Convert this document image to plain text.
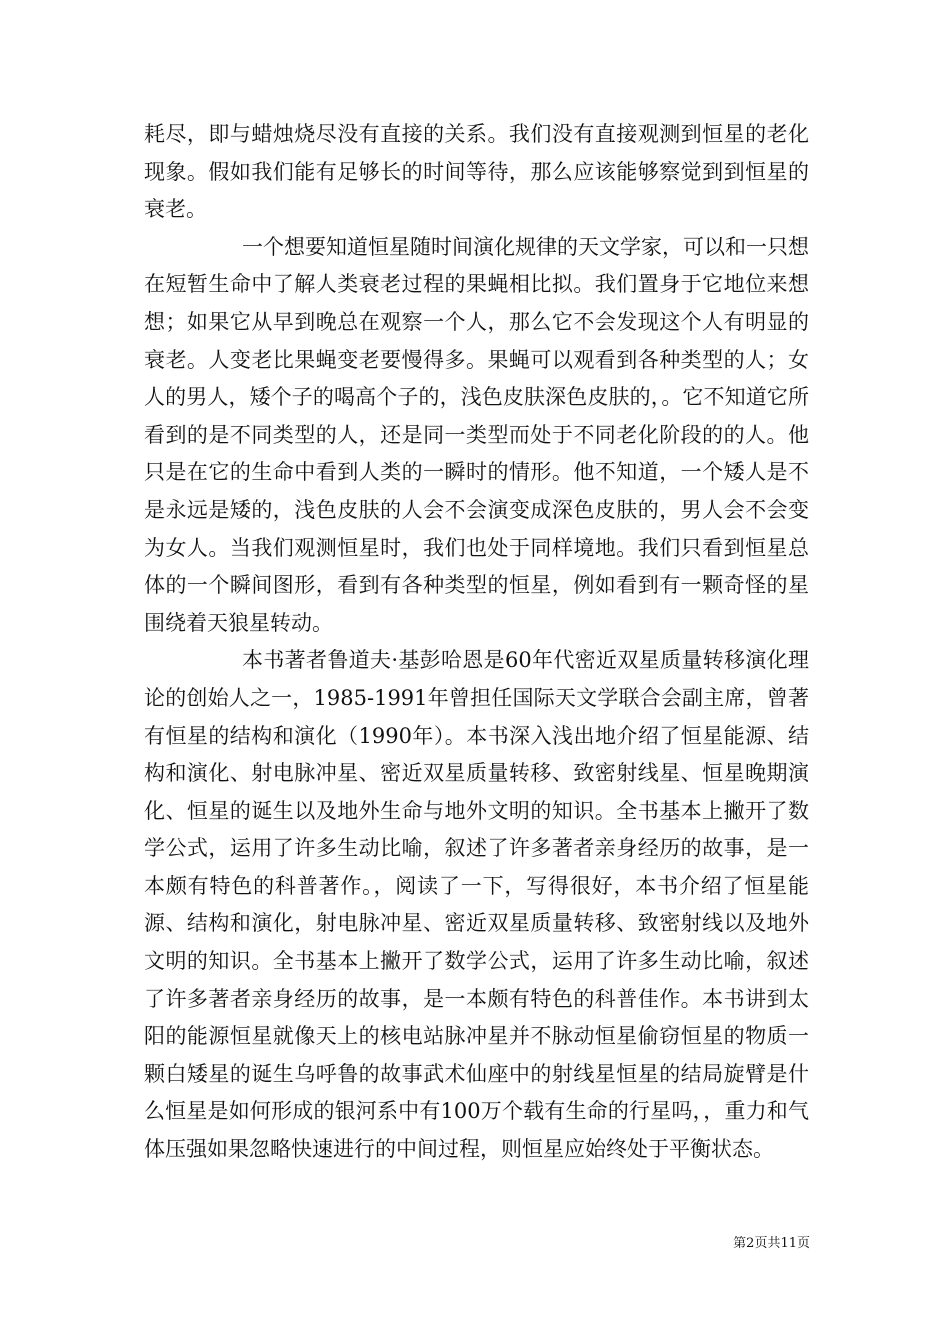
耗尽，即与蜡烛烧尽没有直接的关系。我们没有直接观测到恒星的老化现象。假如我们能有足够长的时间等待，那么应该能够察觉到到恒星的衰老。

一个想要知道恒星随时间演化规律的天文学家，可以和一只想在短暂生命中了解人类衰老过程的果蝇相比拟。我们置身于它地位来想想；如果它从早到晚总在观察一个人，那么它不会发现这个人有明显的衰老。人变老比果蝇变老要慢得多。果蝇可以观看到各种类型的人；女人的男人，矮个子的喝高个子的，浅色皮肤深色皮肤的，。它不知道它所看到的是不同类型的人，还是同一类型而处于不同老化阶段的的人。他只是在它的生命中看到人类的一瞬时的情形。他不知道，一个矮人是不是永远是矮的，浅色皮肤的人会不会演变成深色皮肤的，男人会不会变为女人。当我们观测恒星时，我们也处于同样境地。我们只看到恒星总体的一个瞬间图形，看到有各种类型的恒星，例如看到有一颗奇怪的星围绕着天狼星转动。

本书著者鲁道夫·基彭哈恩是60年代密近双星质量转移演化理论的创始人之一，1985-1991年曾担任国际天文学联合会副主席，曾著有恒星的结构和演化（1990年）。本书深入浅出地介绍了恒星能源、结构和演化、射电脉冲星、密近双星质量转移、致密射线星、恒星晚期演化、恒星的诞生以及地外生命与地外文明的知识。全书基本上撇开了数学公式，运用了许多生动比喻，叙述了许多著者亲身经历的故事，是一本颇有特色的科普著作。，阅读了一下，写得很好，本书介绍了恒星能源、结构和演化，射电脉冲星、密近双星质量转移、致密射线以及地外文明的知识。全书基本上撇开了数学公式，运用了许多生动比喻，叙述了许多著者亲身经历的故事，是一本颇有特色的科普佳作。本书讲到太阳的能源恒星就像天上的核电站脉冲星并不脉动恒星偷窃恒星的物质一颗白矮星的诞生乌呼鲁的故事武术仙座中的射线星恒星的结局旋臂是什么恒星是如何形成的银河系中有100万个载有生命的行星吗，，重力和气体压强如果忽略快速进行的中间过程，则恒星应始终处于平衡状态。

第2页共11页
